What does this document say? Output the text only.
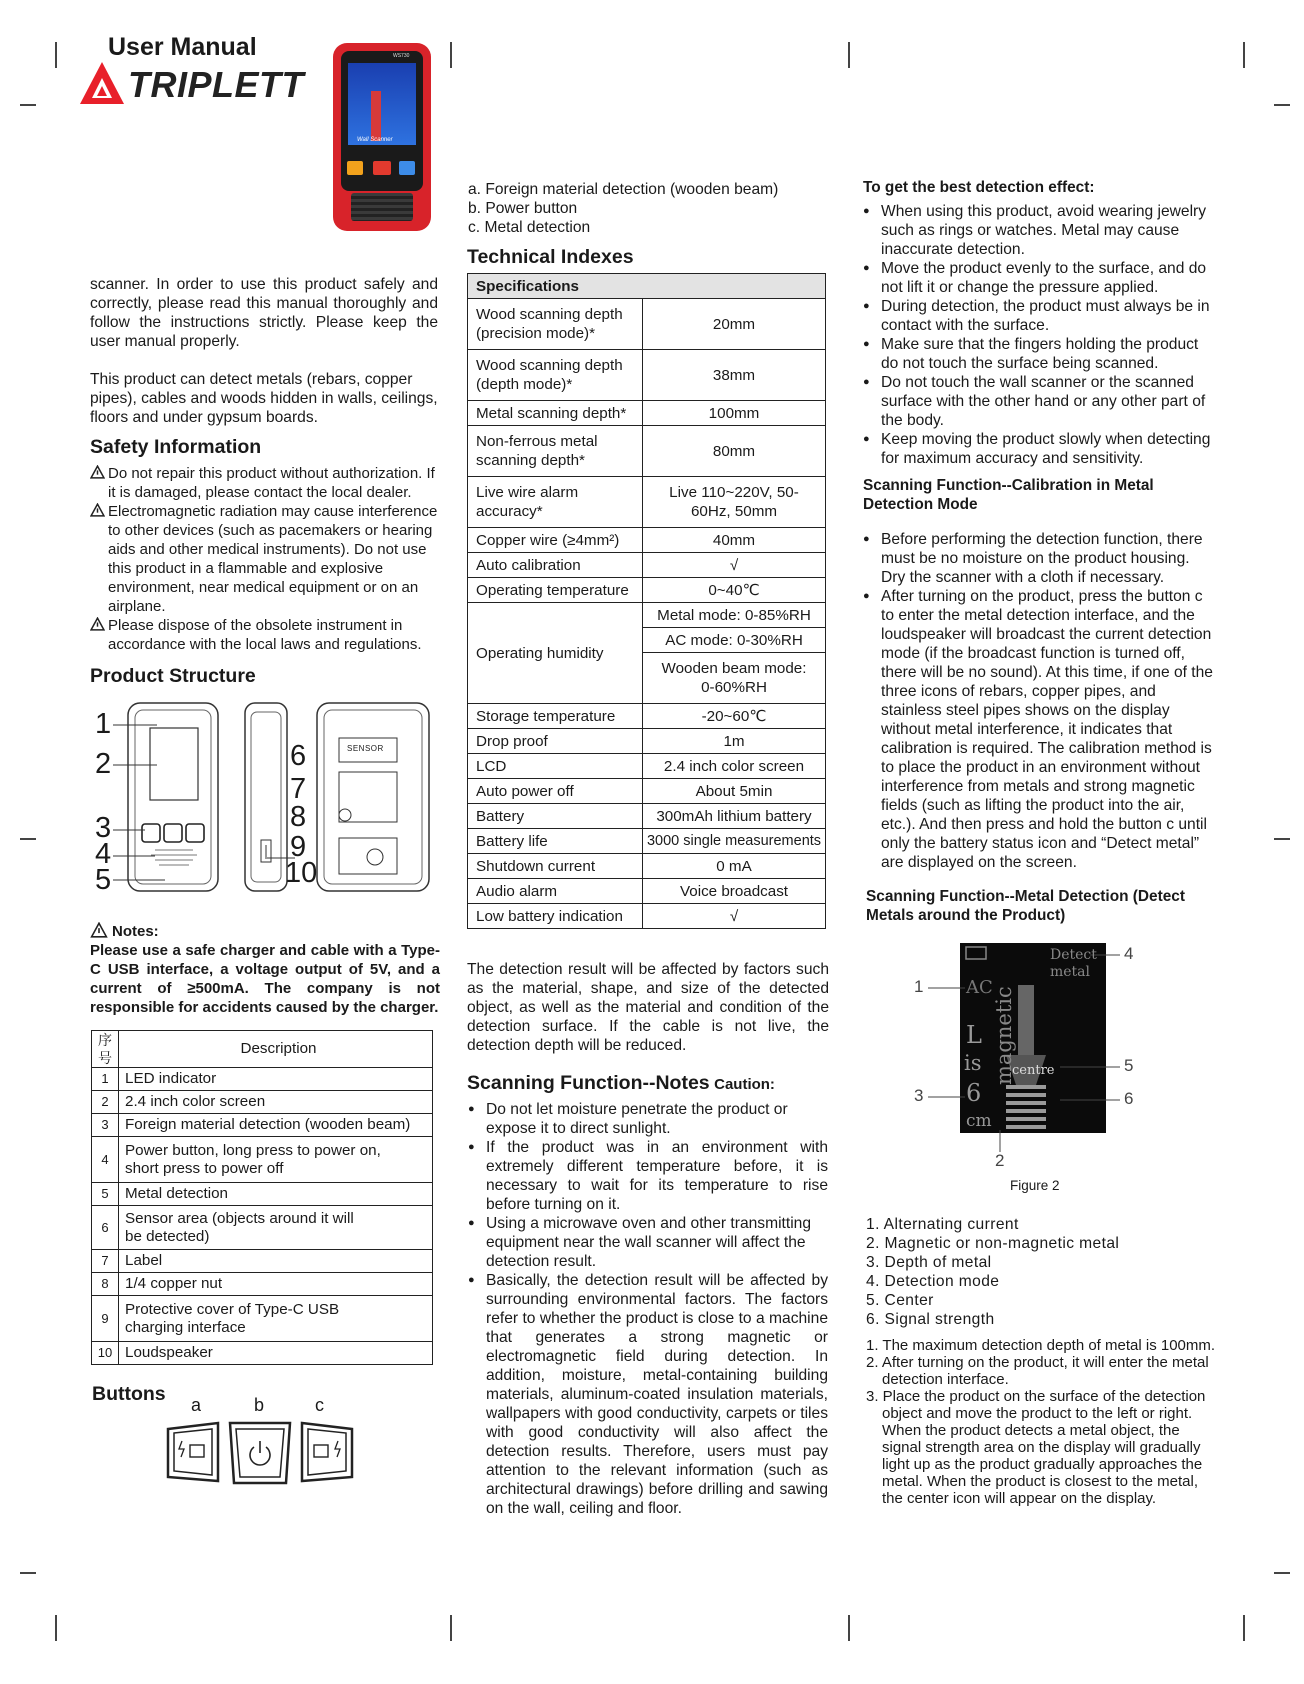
User Manual
TRIPLETT
WS730
Wall Scanner

scanner. In order to use this product safely and correctly, please read this manual thoroughly and follow the instructions strictly. Please keep the user manual properly.

This product can detect metals (rebars, copper pipes), cables and woods hidden in walls, ceilings, floors and under gypsum boards.

Safety Information
Do not repair this product without authorization. If it is damaged, please contact the local dealer.
Electromagnetic radiation may cause interference to other devices (such as pacemakers or hearing aids and other medical instruments). Do not use this product in a flammable and explosive environment, near medical equipment or on an airplane.
Please dispose of the obsolete instrument in accordance with the local laws and regulations.
Product Structure
SENSOR
1
2
3
4
5
6
7
8
9
10
Notes:

Please use a safe charger and cable with a Type-C USB interface, a voltage output of 5V, and a current of ≥500mA. The company is not responsible for accidents caused by the charger.

序号	Description
1	LED indicator
2	2.4 inch color screen
3	Foreign material detection (wooden beam)
4	Power button, long press to power on, short press to power off
5	Metal detection
6	Sensor area (objects around it will be detected)
7	Label
8	1/4 copper nut
9	Protective cover of Type-C USB charging interface
10	Loudspeaker
Buttons a	b	c

a. Foreign material detection (wooden beam)

b. Power button

c. Metal detection

Technical Indexes
Specifications	
Wood scanning depth (precision mode)*	20mm
Wood scanning depth (depth mode)*	38mm
Metal scanning depth*	100mm
Non-ferrous metal scanning depth*	80mm
Live wire alarm accuracy*	Live 110~220V, 50-60Hz, 50mm
Copper wire (≥4mm²)	40mm
Auto calibration	√
Operating temperature	0~40℃
Operating humidity	Metal mode: 0-85%RH
	AC mode: 0-30%RH
	Wooden beam mode: 0-60%RH
Storage temperature	-20~60℃
Drop proof	1m
LCD	2.4 inch color screen
Auto power off	About 5min
Battery	300mAh lithium battery
Battery life	3000 single measurements
Shutdown current	0 mA
Audio alarm	Voice broadcast
Low battery indication	√

The detection result will be affected by factors such as the material, shape, and size of the detected object, as well as the material and condition of the detection surface. If the cable is not live, the detection depth will be reduced.

Scanning Function--Notes Caution:
● Do not let moisture penetrate the product or expose it to direct sunlight.
● If the product was in an environment with extremely different temperature before, it is necessary to wait for its temperature to rise before turning on it.
● Using a microwave oven and other transmitting equipment near the wall scanner will affect the detection result.
● Basically, the detection result will be affected by surrounding environmental factors. The factors refer to whether the product is close to a machine that generates a strong magnetic or electromagnetic field during detection. In addition, moisture, metal-containing building materials, aluminum-coated insulation materials, wallpapers with good conductivity, carpets or tiles with good conductivity will also affect the detection results. Therefore, users must pay attention to the relevant information (such as architectural drawings) before drilling and sawing on the wall, ceiling and floor.
To get the best detection effect:
● When using this product, avoid wearing jewelry such as rings or watches. Metal may cause inaccurate detection.
● Move the product evenly to the surface, and do not lift it or change the pressure applied.
● During detection, the product must always be in contact with the surface.
● Make sure that the fingers holding the product do not touch the surface being scanned.
● Do not touch the wall scanner or the scanned surface with the other hand or any other part of the body.
● Keep moving the product slowly when detecting for maximum accuracy and sensitivity.
Scanning Function--Calibration in Metal Detection Mode
● Before performing the detection function, there must be no moisture on the product housing. Dry the scanner with a cloth if necessary.
● After turning on the product, press the button c to enter the metal detection interface, and the loudspeaker will broadcast the current detection mode (if the broadcast function is turned off, there will be no sound). At this time, if one of the three icons of rebars, copper pipes, and stainless steel pipes shows on the display without metal interference, it indicates that calibration is required. The calibration method is to place the product in an environment without interference from metals and strong magnetic fields (such as lifting the product into the air, etc.). And then press and hold the button c until only the battery status icon and “Detect metal” are displayed on the screen.
Scanning Function--Metal Detection (Detect Metals around the Product)
Detect metal
AC
L
is
6
cm
magnetic
centre
1
2
3
4
5
6
Figure 2

1. Alternating current

2. Magnetic or non-magnetic metal

3. Depth of metal

4. Detection mode

5. Center

6. Signal strength

1. The maximum detection depth of metal is 100mm.

2. After turning on the product, it will enter the metal detection interface.

3. Place the product on the surface of the detection object and move the product to the left or right. When the product detects a metal object, the signal strength area on the display will gradually light up as the product gradually approaches the metal. When the product is closest to the metal, the center icon will appear on the display.
